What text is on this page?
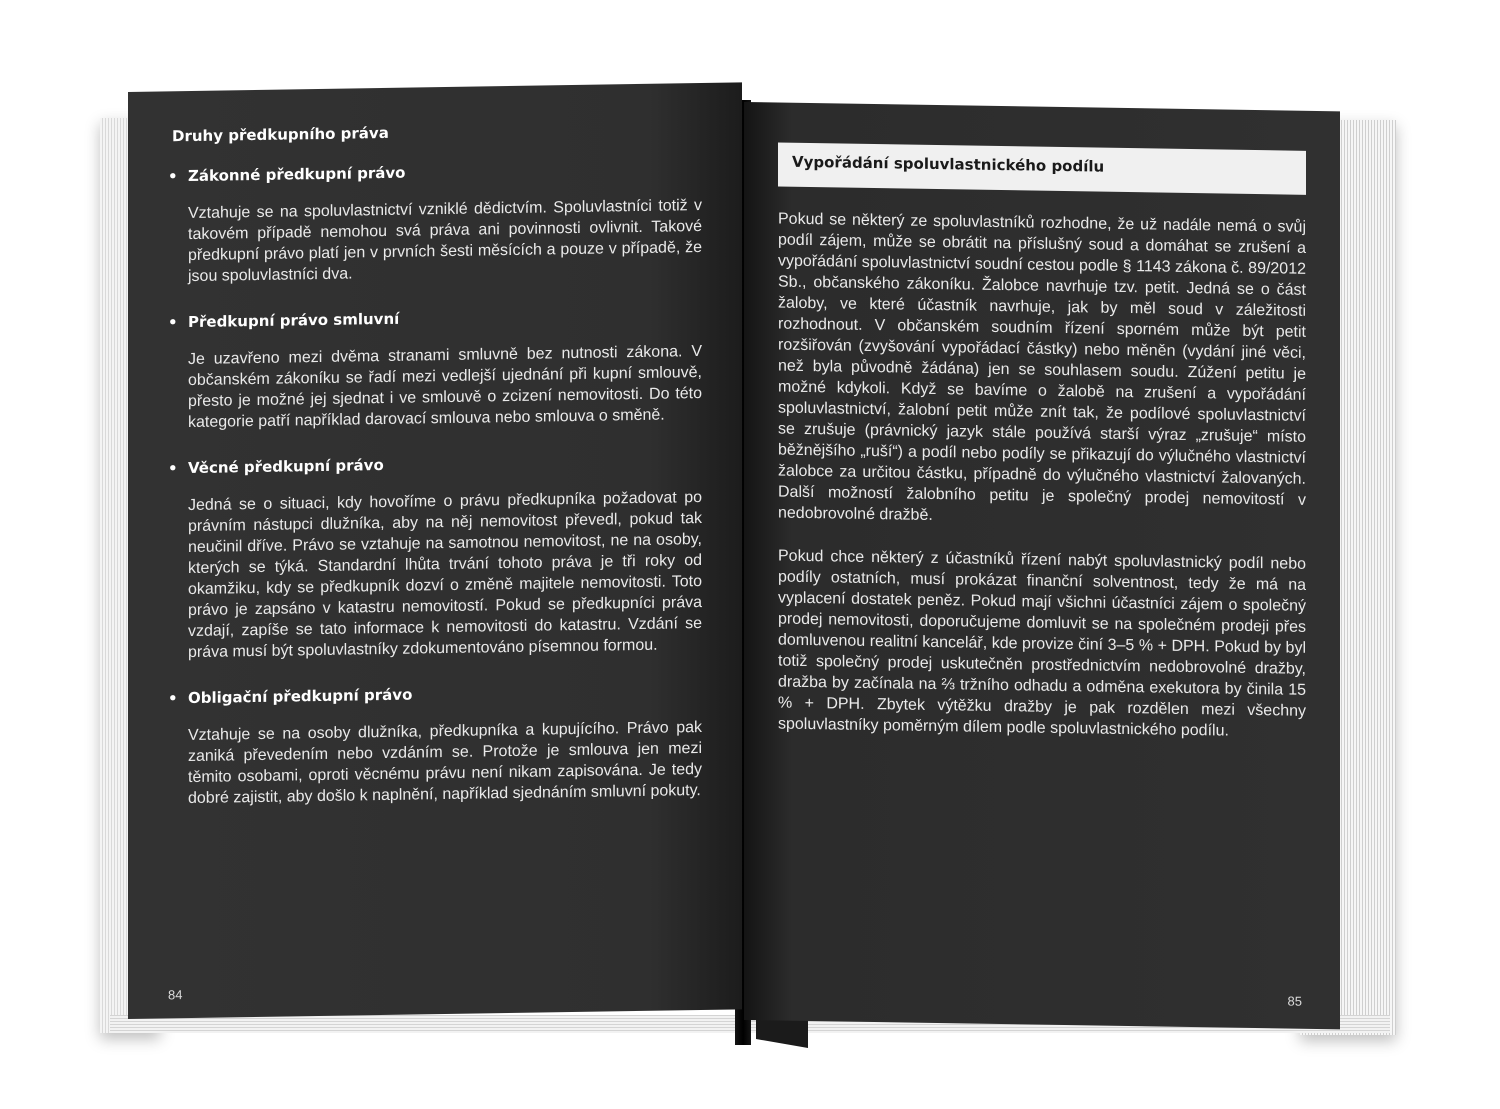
Druhy předkupního práva
• Zákonné předkupní právo

Vztahuje se na spoluvlastnictví vzniklé dědictvím. Spoluvlastníci totiž v takovém případě nemohou svá práva ani povinnosti ovlivnit. Takové předkupní právo platí jen v prvních šesti měsících a pouze v případě, že jsou spoluvlastníci dva.

• Předkupní právo smluvní

Je uzavřeno mezi dvěma stranami smluvně bez nutnosti zákona. V občanském zákoníku se řadí mezi vedlejší ujednání při kupní smlouvě, přesto je možné jej sjednat i ve smlouvě o zcizení nemovitosti. Do této kategorie patří například darovací smlouva nebo smlouva o směně.

• Věcné předkupní právo

Jedná se o situaci, kdy hovoříme o právu předkupníka požadovat po právním nástupci dlužníka, aby na něj nemovitost převedl, pokud tak neučinil dříve. Právo se vztahuje na samotnou nemovitost, ne na osoby, kterých se týká. Standardní lhůta trvání tohoto práva je tři roky od okamžiku, kdy se předkupník dozví o změně majitele nemovitosti. Toto právo je zapsáno v katastru nemovitostí. Pokud se předkupníci práva vzdají, zapíše se tato informace k nemovitosti do katastru. Vzdání se práva musí být spoluvlastníky zdokumentováno písemnou formou.

• Obligační předkupní právo

Vztahuje se na osoby dlužníka, předkupníka a kupujícího. Právo pak zaniká převedením nebo vzdáním se. Protože je smlouva jen mezi těmito osobami, oproti věcnému právu není nikam zapisována. Je tedy dobré zajistit, aby došlo k naplnění, například sjednáním smluvní pokuty.

84
Vypořádání spoluvlastnického podílu

Pokud se některý ze spoluvlastníků rozhodne, že už nadále nemá o svůj podíl zájem, může se obrátit na příslušný soud a domáhat se zrušení a vypořádání spoluvlastnictví soudní cestou podle § 1143 zákona č. 89/2012 Sb., občanského zákoníku. Žalobce navrhuje tzv. petit. Jedná se o část žaloby, ve které účastník navrhuje, jak by měl soud v záležitosti rozhodnout. V občanském soudním řízení sporném může být petit rozšiřován (zvyšování vypořádací částky) nebo měněn (vydání jiné věci, než byla původně žádána) jen se souhlasem soudu. Zúžení petitu je možné kdykoli. Když se bavíme o žalobě na zrušení a vypořádání spoluvlastnictví, žalobní petit může znít tak, že podílové spoluvlastnictví se zrušuje (právnický jazyk stále používá starší výraz „zrušuje“ místo běžnějšího „ruší“) a podíl nebo podíly se přikazují do výlučného vlastnictví žalobce za určitou částku, případně do výlučného vlastnictví žalovaných. Další možností žalobního petitu je společný prodej nemovitostí v nedobrovolné dražbě.

Pokud chce některý z účastníků řízení nabýt spoluvlastnický podíl nebo podíly ostatních, musí prokázat finanční solventnost, tedy že má na vyplacení dostatek peněz. Pokud mají všichni účastníci zájem o společný prodej nemovitosti, doporučujeme domluvit se na společném prodeji přes domluvenou realitní kancelář, kde provize činí 3–5 % + DPH. Pokud by byl totiž společný prodej uskutečněn prostřednictvím nedobrovolné dražby, dražba by začínala na ⅔ tržního odhadu a odměna exekutora by činila 15 % + DPH. Zbytek výtěžku dražby je pak rozdělen mezi všechny spoluvlastníky poměrným dílem podle spoluvlastnického podílu.

85
